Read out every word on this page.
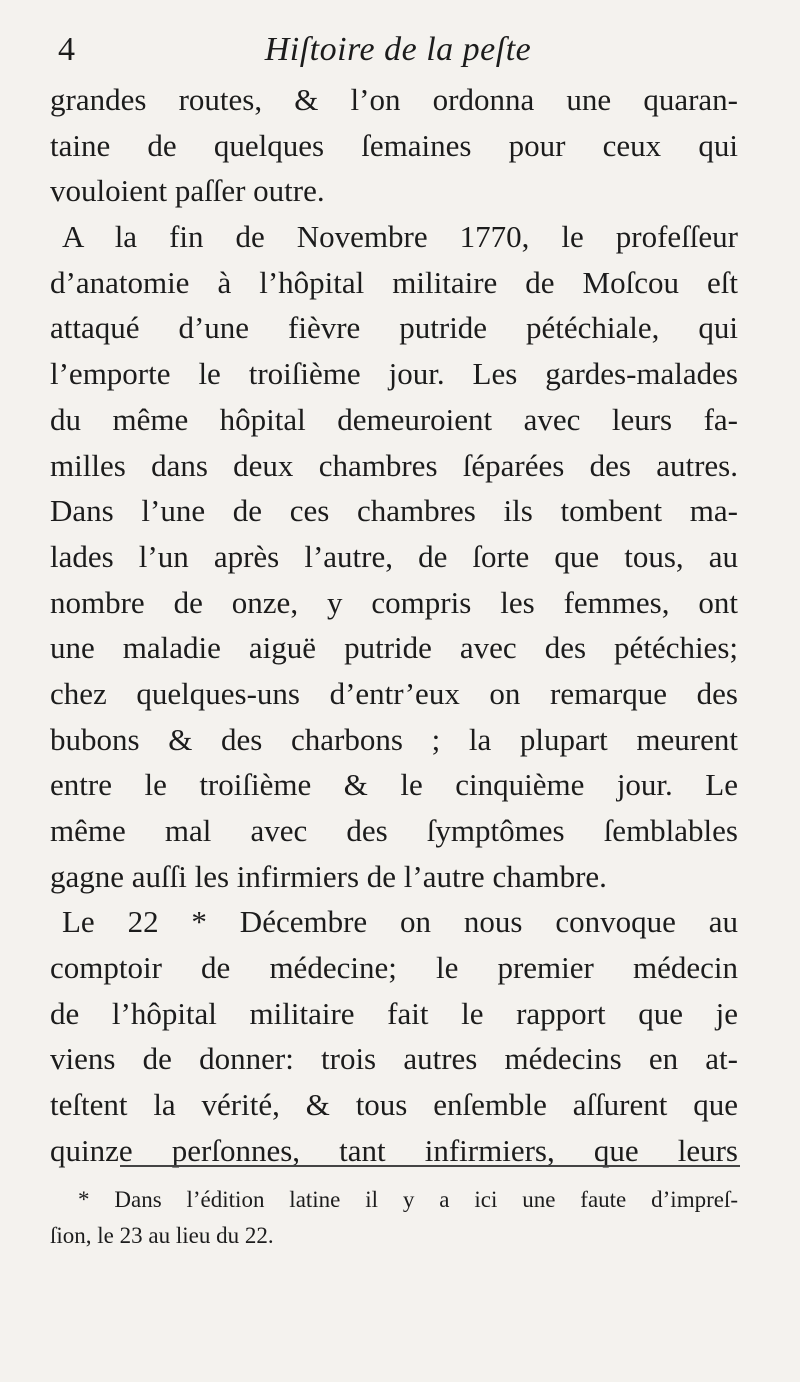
4	Hiſtoire de la peſte
grandes routes, & l’on ordonna une quaran-
taine de quelques ſemaines pour ceux qui
vouloient paſſer outre.
A la fin de Novembre 1770, le profeſſeur
d’anatomie à l’hôpital militaire de Moſcou eſt
attaqué d’une fièvre putride pétéchiale, qui
l’emporte le troiſième jour. Les gardes-malades
du même hôpital demeuroient avec leurs fa-
milles dans deux chambres ſéparées des autres.
Dans l’une de ces chambres ils tombent ma-
lades l’un après l’autre, de ſorte que tous, au
nombre de onze, y compris les femmes, ont
une maladie aiguë putride avec des pétéchies;
chez quelques-uns d’entr’eux on remarque des
bubons & des charbons ; la plupart meurent
entre le troiſième & le cinquième jour. Le
même mal avec des ſymptômes ſemblables
gagne auſſi les infirmiers de l’autre chambre.
Le 22 * Décembre on nous convoque au
comptoir de médecine; le premier médecin
de l’hôpital militaire fait le rapport que je
viens de donner: trois autres médecins en at-
teſtent la vérité, & tous enſemble aſſurent que
quinze perſonnes, tant infirmiers, que leurs
* Dans l’édition latine il y a ici une faute d’impreſ-
ſion, le 23 au lieu du 22.
